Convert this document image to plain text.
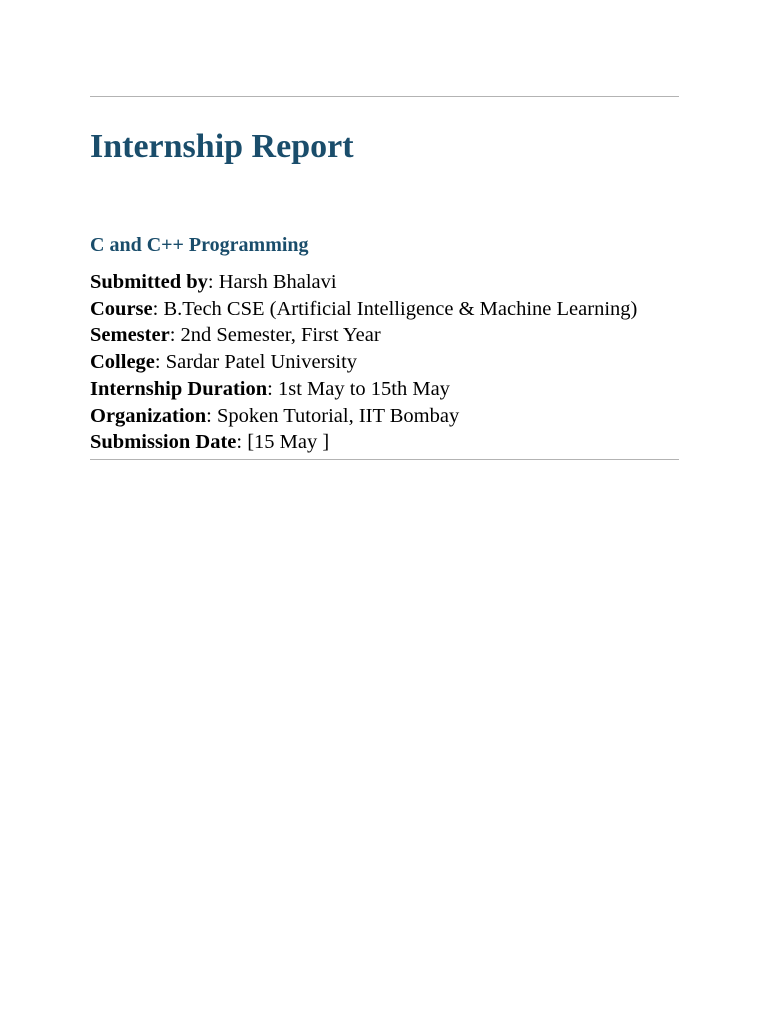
Internship Report
C and C++ Programming
Submitted by: Harsh Bhalavi
Course: B.Tech CSE (Artificial Intelligence & Machine Learning)
Semester: 2nd Semester, First Year
College: Sardar Patel University
Internship Duration: 1st May to 15th May
Organization: Spoken Tutorial, IIT Bombay
Submission Date: [15 May ]
